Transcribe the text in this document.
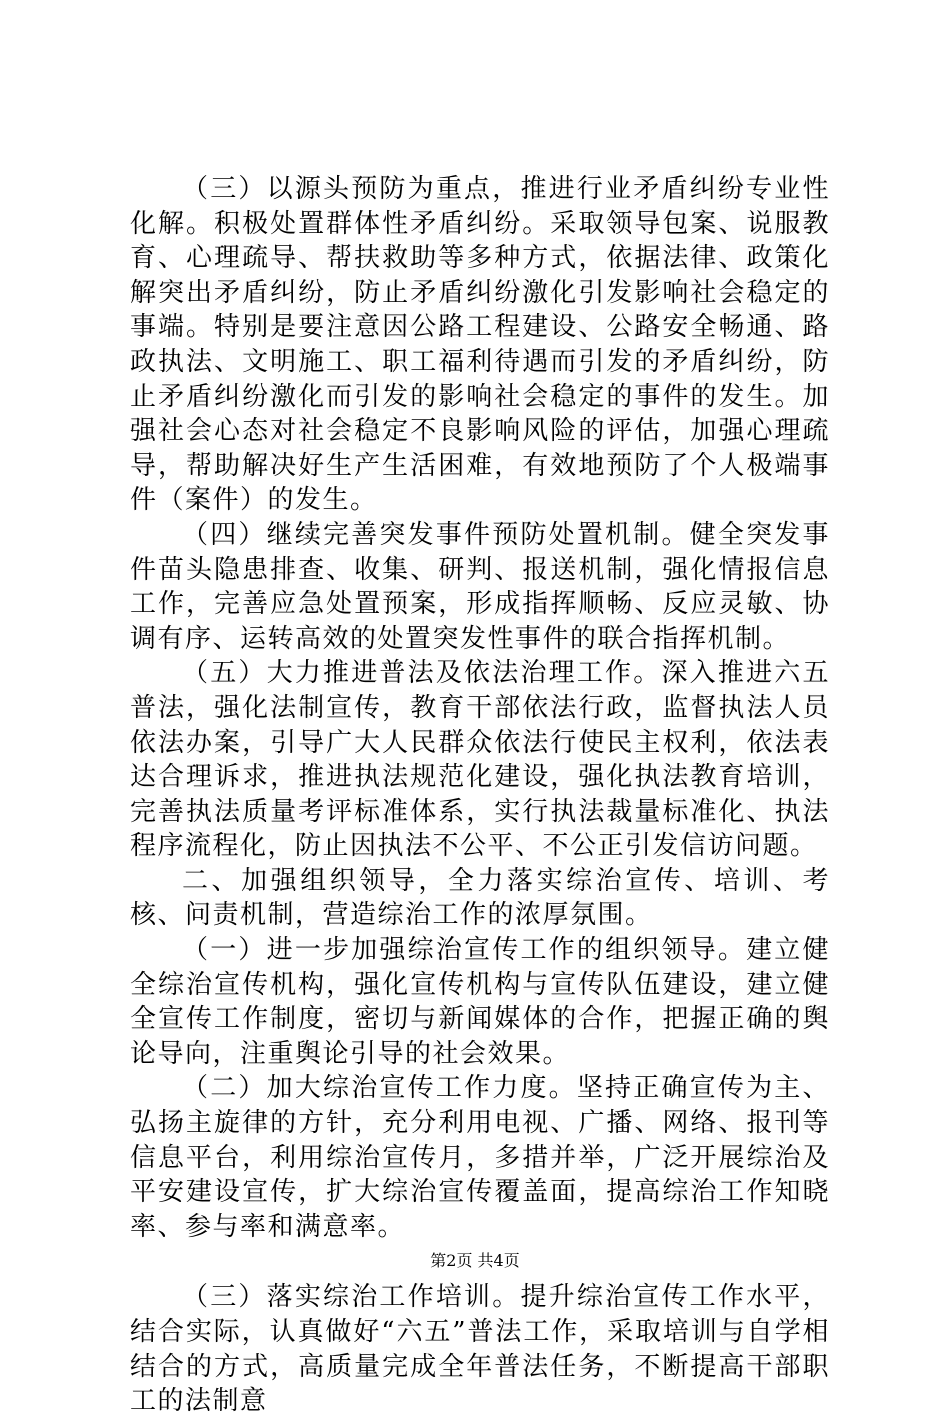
（三）以源头预防为重点，推进行业矛盾纠纷专业性化解。积极处置群体性矛盾纠纷。采取领导包案、说服教育、心理疏导、帮扶救助等多种方式，依据法律、政策化解突出矛盾纠纷，防止矛盾纠纷激化引发影响社会稳定的事端。特别是要注意因公路工程建设、公路安全畅通、路政执法、文明施工、职工福利待遇而引发的矛盾纠纷，防止矛盾纠纷激化而引发的影响社会稳定的事件的发生。加强社会心态对社会稳定不良影响风险的评估，加强心理疏导，帮助解决好生产生活困难，有效地预防了个人极端事件（案件）的发生。

（四）继续完善突发事件预防处置机制。健全突发事件苗头隐患排查、收集、研判、报送机制，强化情报信息工作，完善应急处置预案，形成指挥顺畅、反应灵敏、协调有序、运转高效的处置突发性事件的联合指挥机制。

（五）大力推进普法及依法治理工作。深入推进六五普法，强化法制宣传，教育干部依法行政，监督执法人员依法办案，引导广大人民群众依法行使民主权利，依法表达合理诉求，推进执法规范化建设，强化执法教育培训，完善执法质量考评标准体系，实行执法裁量标准化、执法程序流程化，防止因执法不公平、不公正引发信访问题。

二、加强组织领导，全力落实综治宣传、培训、考核、问责机制，营造综治工作的浓厚氛围。

（一）进一步加强综治宣传工作的组织领导。建立健全综治宣传机构，强化宣传机构与宣传队伍建设，建立健全宣传工作制度，密切与新闻媒体的合作，把握正确的舆论导向，注重舆论引导的社会效果。

（二）加大综治宣传工作力度。坚持正确宣传为主、弘扬主旋律的方针，充分利用电视、广播、网络、报刊等信息平台，利用综治宣传月，多措并举，广泛开展综治及平安建设宣传，扩大综治宣传覆盖面，提高综治工作知晓率、参与率和满意率。

（三）落实综治工作培训。提升综治宣传工作水平，结合实际，认真做好“六五”普法工作，采取培训与自学相结合的方式，高质量完成全年普法任务，不断提高干部职工的法制意

第2页 共4页
